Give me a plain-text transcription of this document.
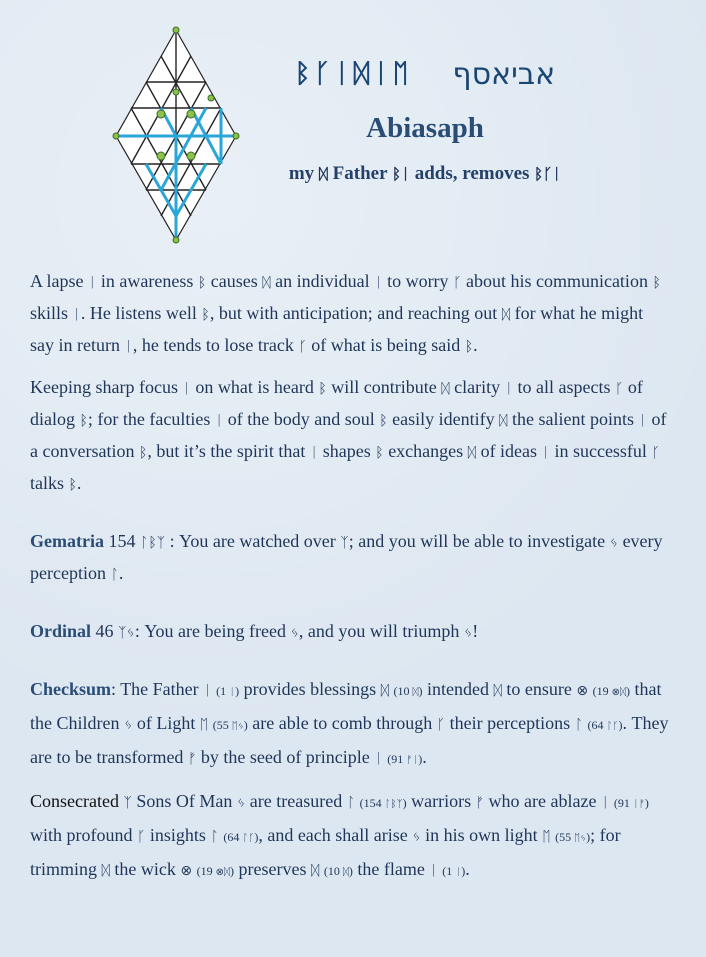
ᛒᚴᛁᛞᛁᛖ אביאסף
Abiasaph
my ᛞ Father ᛒᛁ adds, removes ᛒᚴᛁ

A lapse ᛁ in awareness ᛒ causes ᛞ an individual ᛁ to worry ᚴ about his communication ᛒ skills ᛁ. He listens well ᛒ, but with anticipation; and reaching out ᛞ for what he might say in return ᛁ, he tends to lose track ᚴ of what is being said ᛒ.

Keeping sharp focus ᛁ on what is heard ᛒ will contribute ᛞ clarity ᛁ to all aspects ᚴ of dialog ᛒ; for the faculties ᛁ of the body and soul ᛒ easily identify ᛞ the salient points ᛁ of a conversation ᛒ, but it’s the spirit that ᛁ shapes ᛒ exchanges ᛞ of ideas ᛁ in successful ᚴ talks ᛒ.

Gematria 154 ᛚᛒᛉ : You are watched over ᛉ; and you will be able to investigate ᛃ every perception ᛚ.

Ordinal 46 ᛉᛃ: You are being freed ᛃ, and you will triumph ᛃ!

Checksum: The Father ᛁ (1 ᛁ) provides blessings ᛞ (10 ᛞ) intended ᛞ to ensure ⊗ (19 ⊗ᛞ) that the Children ᛃ of Light ᛖ (55 ᛖᛃ) are able to comb through ᚴ their perceptions ᛚ (64 ᛚᚴ). They are to be transformed ᚠ by the seed of principle ᛁ (91 ᚠᛁ).

Consecrated ᛉ Sons Of Man ᛃ are treasured ᛚ (154 ᛚᛒᛉ) warriors ᚠ who are ablaze ᛁ (91 ᛁᚠ) with profound ᚴ insights ᛚ (64 ᛚᚴ), and each shall arise ᛃ in his own light ᛖ (55 ᛖᛃ); for trimming ᛞ the wick ⊗ (19 ⊗ᛞ) preserves ᛞ (10 ᛞ) the flame ᛁ (1 ᛁ).
